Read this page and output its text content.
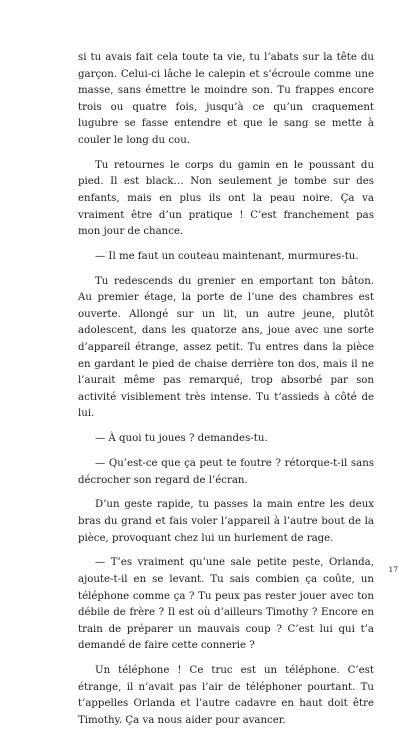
si tu avais fait cela toute ta vie, tu l’abats sur la tête du garçon. Celui-ci lâche le calepin et s’écroule comme une masse, sans émettre le moindre son. Tu frappes encore trois ou quatre fois, jusqu’à ce qu’un craquement lugubre se fasse entendre et que le sang se mette à couler le long du cou.

Tu retournes le corps du gamin en le poussant du pied. Il est black… Non seulement je tombe sur des enfants, mais en plus ils ont la peau noire. Ça va vraiment être d’un pratique ! C’est franchement pas mon jour de chance.

— Il me faut un couteau maintenant, murmures-tu.

Tu redescends du grenier en emportant ton bâton. Au premier étage, la porte de l’une des chambres est ouverte. Allongé sur un lit, un autre jeune, plutôt adolescent, dans les quatorze ans, joue avec une sorte d’appareil étrange, assez petit. Tu entres dans la pièce en gardant le pied de chaise derrière ton dos, mais il ne l’aurait même pas remarqué, trop absorbé par son activité visiblement très intense. Tu t’assieds à côté de lui.

— À quoi tu joues ? demandes-tu.

— Qu’est-ce que ça peut te foutre ? rétorque-t-il sans décrocher son regard de l’écran.

D’un geste rapide, tu passes la main entre les deux bras du grand et fais voler l’appareil à l’autre bout de la pièce, provoquant chez lui un hurlement de rage.

— T’es vraiment qu’une sale petite peste, Orlanda, ajoute-t-il en se levant. Tu sais combien ça coûte, un téléphone comme ça ? Tu peux pas rester jouer avec ton débile de frère ? Il est où d’ailleurs Timothy ? Encore en train de préparer un mauvais coup ? C’est lui qui t’a demandé de faire cette connerie ?

Un téléphone ! Ce truc est un téléphone. C’est étrange, il n’avait pas l’air de téléphoner pourtant. Tu t’appelles Orlanda et l’autre cadavre en haut doit être Timothy. Ça va nous aider pour avancer.

17
